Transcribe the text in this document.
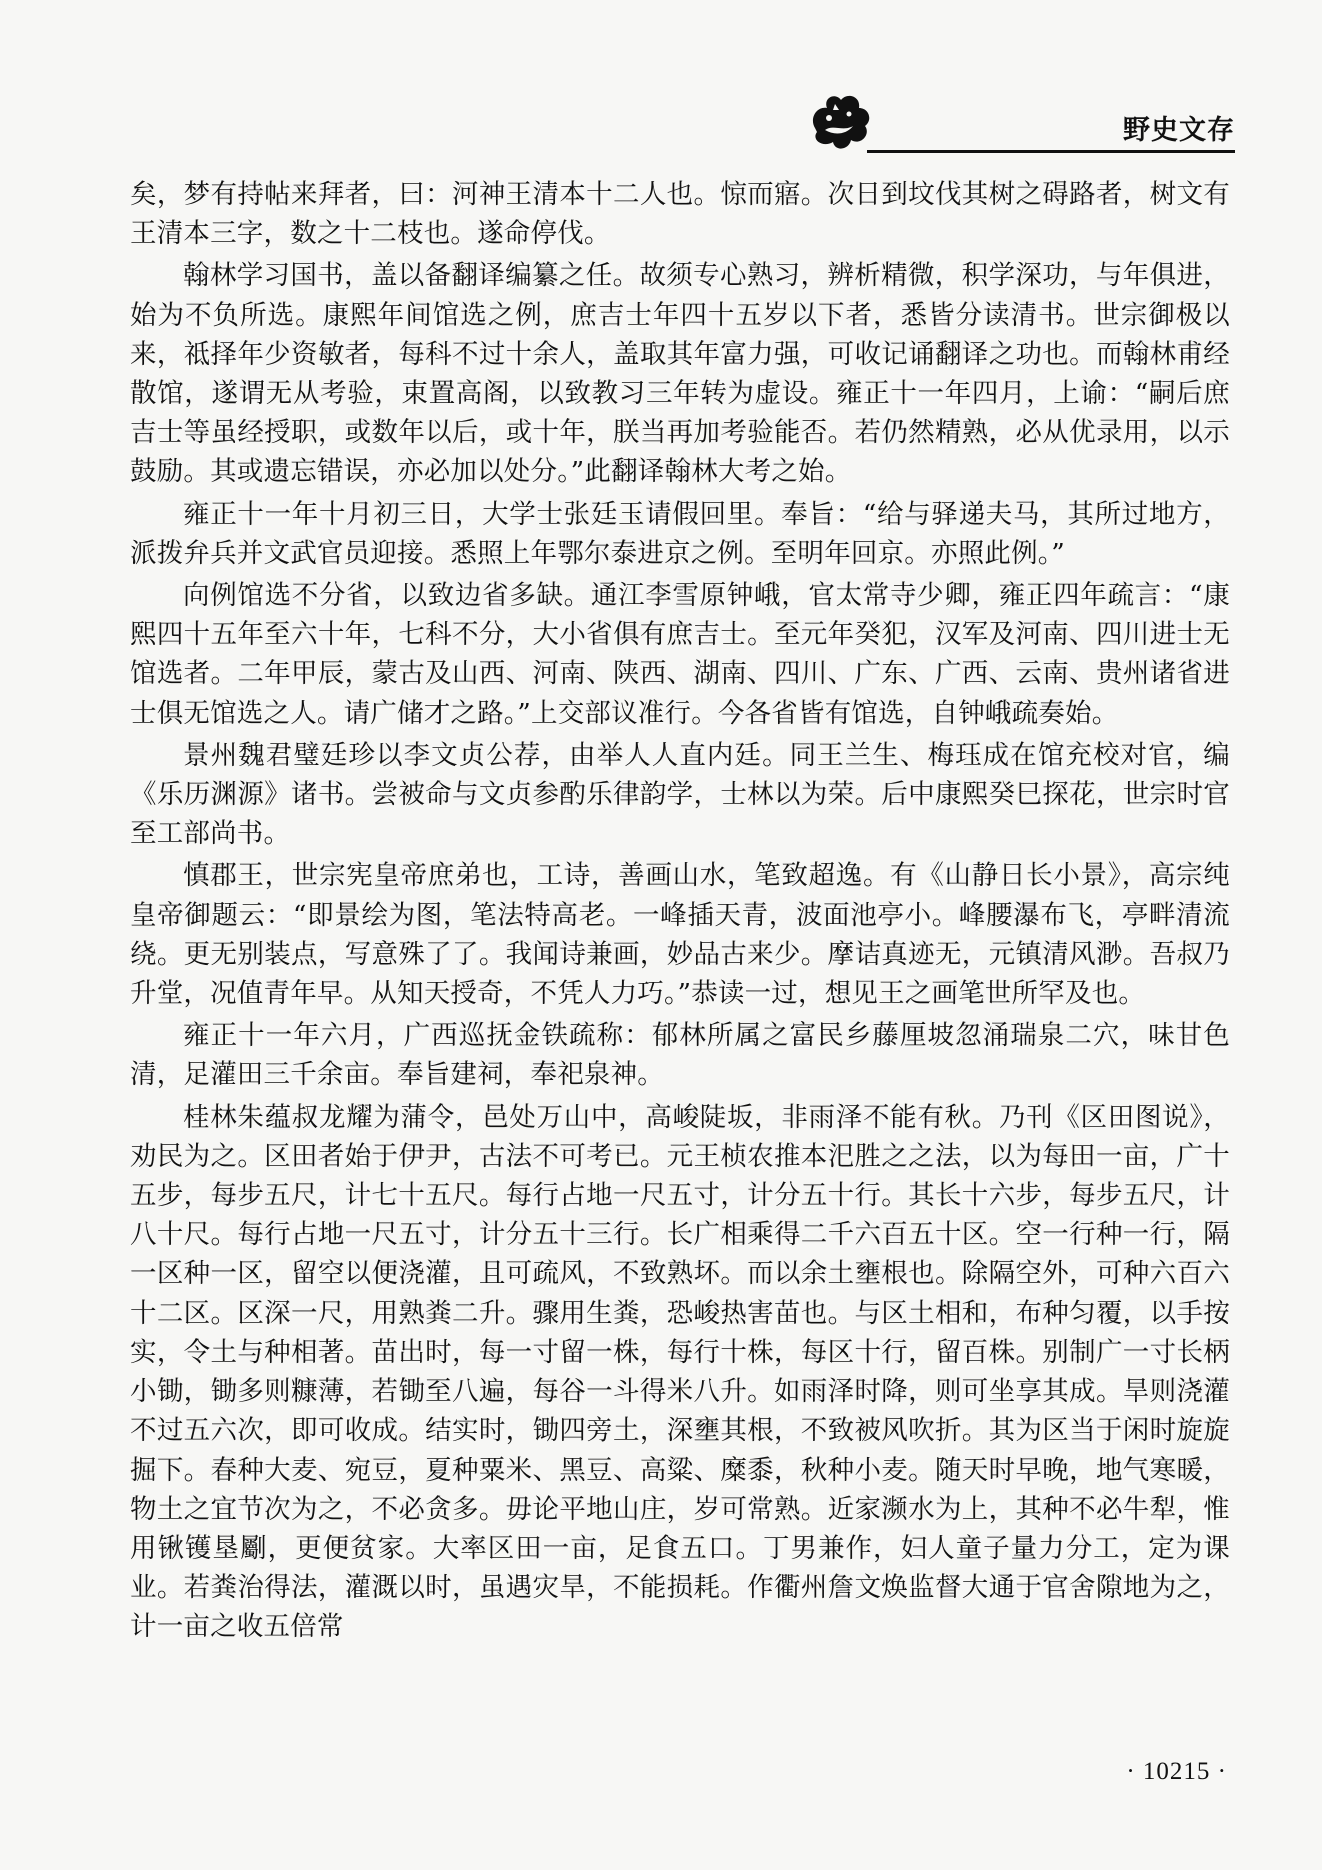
野史文存

矣，梦有持帖来拜者，曰：河神王清本十二人也。惊而寤。次日到坟伐其树之碍路者，树文有王清本三字，数之十二枝也。遂命停伐。

翰林学习国书，盖以备翻译编纂之任。故须专心熟习，辨析精微，积学深功，与年俱进，始为不负所选。康熙年间馆选之例，庶吉士年四十五岁以下者，悉皆分读清书。世宗御极以来，祗择年少资敏者，每科不过十余人，盖取其年富力强，可收记诵翻译之功也。而翰林甫经散馆，遂谓无从考验，束置高阁，以致教习三年转为虚设。雍正十一年四月，上谕：“嗣后庶吉士等虽经授职，或数年以后，或十年，朕当再加考验能否。若仍然精熟，必从优录用，以示鼓励。其或遗忘错误，亦必加以处分。”此翻译翰林大考之始。

雍正十一年十月初三日，大学士张廷玉请假回里。奉旨：“给与驿递夫马，其所过地方，派拨弁兵并文武官员迎接。悉照上年鄂尔泰进京之例。至明年回京。亦照此例。”

向例馆选不分省，以致边省多缺。通江李雪原钟峨，官太常寺少卿，雍正四年疏言：“康熙四十五年至六十年，七科不分，大小省俱有庶吉士。至元年癸犯，汉军及河南、四川进士无馆选者。二年甲辰，蒙古及山西、河南、陕西、湖南、四川、广东、广西、云南、贵州诸省进士俱无馆选之人。请广储才之路。”上交部议准行。今各省皆有馆选，自钟峨疏奏始。

景州魏君璧廷珍以李文贞公荐，由举人人直内廷。同王兰生、梅珏成在馆充校对官，编《乐历渊源》诸书。尝被命与文贞参酌乐律韵学，士林以为荣。后中康熙癸巳探花，世宗时官至工部尚书。

慎郡王，世宗宪皇帝庶弟也，工诗，善画山水，笔致超逸。有《山静日长小景》，高宗纯皇帝御题云：“即景绘为图，笔法特高老。一峰插天青，波面池亭小。峰腰瀑布飞，亭畔清流绕。更无别装点，写意殊了了。我闻诗兼画，妙品古来少。摩诘真迹无，元镇清风渺。吾叔乃升堂，况值青年早。从知天授奇，不凭人力巧。”恭读一过，想见王之画笔世所罕及也。

雍正十一年六月，广西巡抚金铁疏称：郁林所属之富民乡藤厘坡忽涌瑞泉二穴，味甘色清，足灌田三千余亩。奉旨建祠，奉祀泉神。

桂林朱蕴叔龙耀为蒲令，邑处万山中，高峻陡坂，非雨泽不能有秋。乃刊《区田图说》，劝民为之。区田者始于伊尹，古法不可考已。元王桢农推本汜胜之之法，以为每田一亩，广十五步，每步五尺，计七十五尺。每行占地一尺五寸，计分五十行。其长十六步，每步五尺，计八十尺。每行占地一尺五寸，计分五十三行。长广相乘得二千六百五十区。空一行种一行，隔一区种一区，留空以便浇灌，且可疏风，不致熟坏。而以余土壅根也。除隔空外，可种六百六十二区。区深一尺，用熟粪二升。骤用生粪，恐峻热害苗也。与区土相和，布种匀覆，以手按实，令土与种相著。苗出时，每一寸留一株，每行十株，每区十行，留百株。别制广一寸长柄小锄，锄多则糠薄，若锄至八遍，每谷一斗得米八升。如雨泽时降，则可坐享其成。旱则浇灌不过五六次，即可收成。结实时，锄四旁土，深壅其根，不致被风吹折。其为区当于闲时旋旋掘下。春种大麦、宛豆，夏种粟米、黑豆、高粱、糜黍，秋种小麦。随天时早晚，地气寒暖，物土之宜节次为之，不必贪多。毋论平地山庄，岁可常熟。近家濒水为上，其种不必牛犁，惟用锹镬垦劚，更便贫家。大率区田一亩，足食五口。丁男兼作，妇人童子量力分工，定为课业。若粪治得法，灌溉以时，虽遇灾旱，不能损耗。作衢州詹文焕监督大通于官舍隙地为之，计一亩之收五倍常

· 10215 ·
